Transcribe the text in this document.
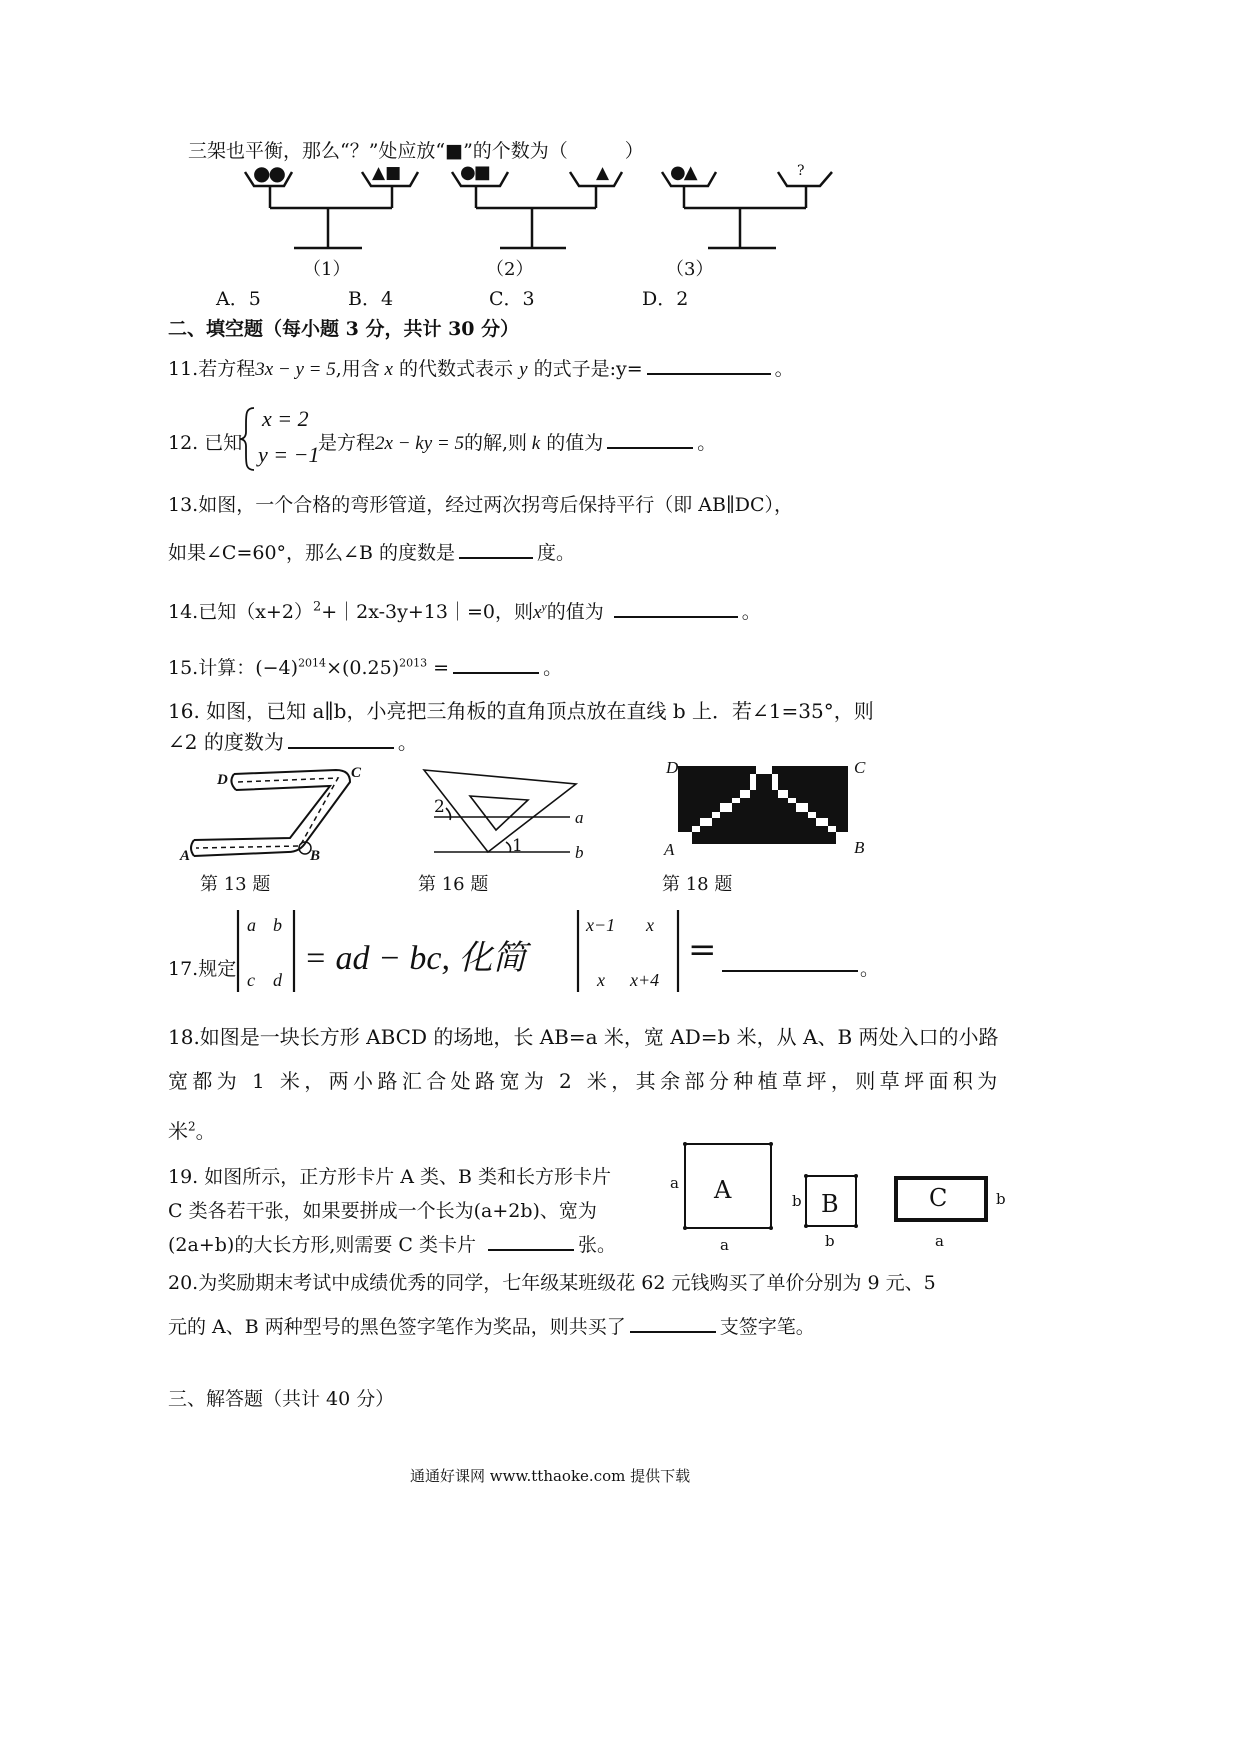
三架也平衡，那么“？”处应放“■”的个数为（　　　）
●●	▲■	●■	▲	●▲	?
（1）	（2）	（3）
A．5	B．4	C．3	D．2
二、填空题（每小题 3 分，共计 30 分）
11.若方程3x − y = 5,用含 x 的代数式表示 y 的式子是:y=	。
12. 已知
x = 2
y = −1
是方程2x − ky = 5的解,则 k 的值为	。
13.如图，一个合格的弯形管道，经过两次拐弯后保持平行（即 AB∥DC），
如果∠C=60°，那么∠B 的度数是	度。
14.已知$(x+2)^2+|2x-3y+13|=0$，则$x^y$的值为	。
15.计算：$(-4)^{2014}\times(0.25)^{2013}$ =	。
16. 如图，已知 a∥b，小亮把三角板的直角顶点放在直线 b 上．若∠1=35°，则
∠2 的度数为	。
D	C
A	B
第 13 题
2
a
1	b
第 16 题
D	C
A	B
第 18 题
17.规定
a b
c d
= ad − bc, 化简
x−1 x
x x+4
=	。
18.如图是一块长方形 ABCD 的场地，长 AB=a 米，宽 AD=b 米，从 A、B 两处入口的小路
宽都为 1 米，两小路汇合处路宽为 2 米，其余部分种植草坪，则草坪面积为
米$^2$。
19. 如图所示，正方形卡片 A 类、B 类和长方形卡片
C 类各若干张，如果要拼成一个长为(a+2b)、宽为
(2a+b)的大长方形,则需要 C 类卡片	张。
A	B	C
a
a
b
b	a
b
20.为奖励期末考试中成绩优秀的同学，七年级某班级花 62 元钱购买了单价分别为 9 元、5
元的 A、B 两种型号的黑色签字笔作为奖品，则共买了	支签字笔。
三、解答题（共计 40 分）
通通好课网 www.tthaoke.com 提供下载
